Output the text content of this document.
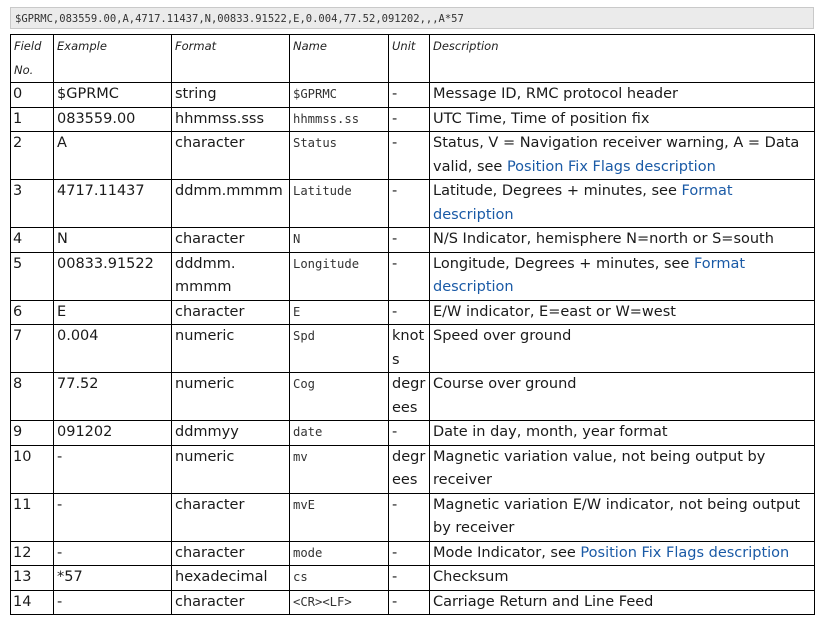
$GPRMC,083559.00,A,4717.11437,N,00833.91522,E,0.004,77.52,091202,,,A*57
Field No.	Example	Format	Name	Unit	Description
0	$GPRMC	string	$GPRMC	-	Message ID, RMC protocol header
1	083559.00	hhmmss.sss	hhmmss.ss	-	UTC Time, Time of position fix
2	A	character	Status	-	Status, V = Navigation receiver warning, A = Data valid, see Position Fix Flags description
3	4717.11437	ddmm.mmmm	Latitude	-	Latitude, Degrees + minutes, see Format description
4	N	character	N	-	N/S Indicator, hemisphere N=north or S=south
5	00833.91522	dddmm. mmmm	Longitude	-	Longitude, Degrees + minutes, see Format description
6	E	character	E	-	E/W indicator, E=east or W=west
7	0.004	numeric	Spd	knots	Speed over ground
8	77.52	numeric	Cog	degrees	Course over ground
9	091202	ddmmyy	date	-	Date in day, month, year format
10	-	numeric	mv	degrees	Magnetic variation value, not being output by receiver
11	-	character	mvE	-	Magnetic variation E/W indicator, not being output by receiver
12	-	character	mode	-	Mode Indicator, see Position Fix Flags description
13	*57	hexadecimal	cs	-	Checksum
14	-	character	<CR><LF>	-	Carriage Return and Line Feed
